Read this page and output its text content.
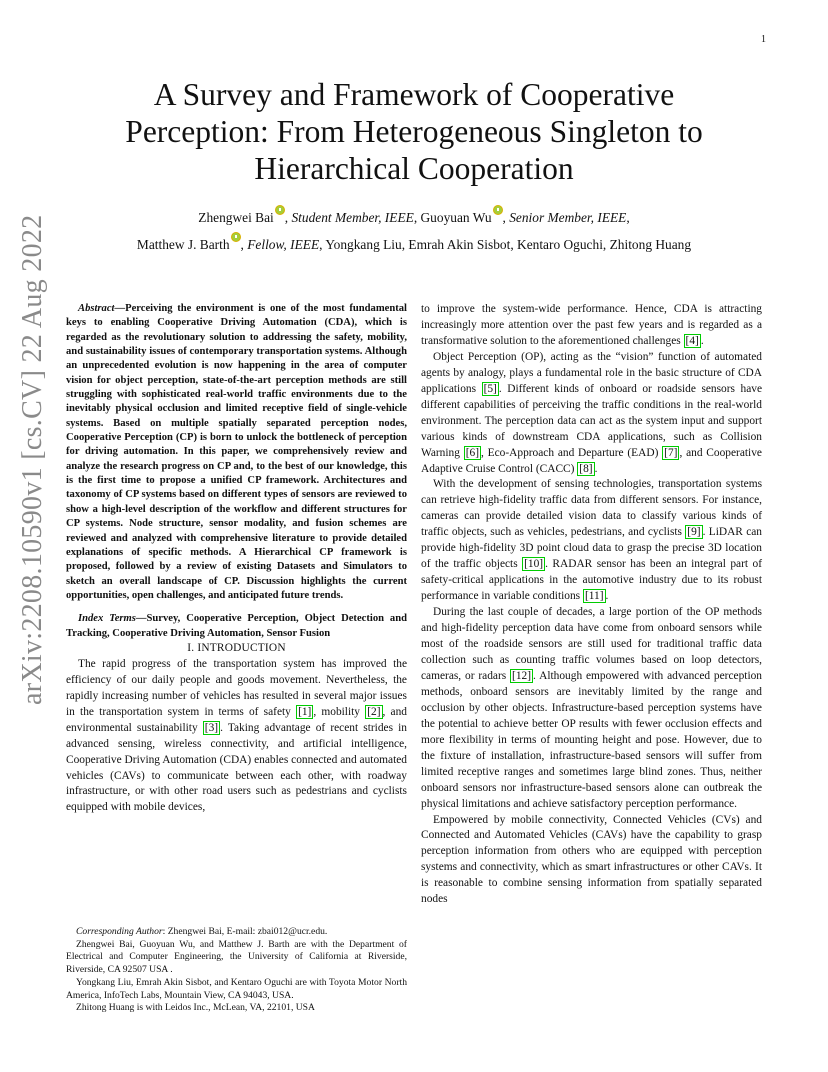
1
arXiv:2208.10590v1 [cs.CV] 22 Aug 2022
A Survey and Framework of Cooperative Perception: From Heterogeneous Singleton to Hierarchical Cooperation
Zhengwei Bai , Student Member, IEEE, Guoyuan Wu , Senior Member, IEEE,
Matthew J. Barth , Fellow, IEEE, Yongkang Liu, Emrah Akin Sisbot, Kentaro Oguchi, Zhitong Huang

Abstract—Perceiving the environment is one of the most fundamental keys to enabling Cooperative Driving Automation (CDA), which is regarded as the revolutionary solution to addressing the safety, mobility, and sustainability issues of contemporary transportation systems. Although an unprecedented evolution is now happening in the area of computer vision for object perception, state-of-the-art perception methods are still struggling with sophisticated real-world traffic environments due to the inevitably physical occlusion and limited receptive field of single-vehicle systems. Based on multiple spatially separated perception nodes, Cooperative Perception (CP) is born to unlock the bottleneck of perception for driving automation. In this paper, we comprehensively review and analyze the research progress on CP and, to the best of our knowledge, this is the first time to propose a unified CP framework. Architectures and taxonomy of CP systems based on different types of sensors are reviewed to show a high-level description of the workflow and different structures for CP systems. Node structure, sensor modality, and fusion schemes are reviewed and analyzed with comprehensive literature to provide detailed explanations of specific methods. A Hierarchical CP framework is proposed, followed by a review of existing Datasets and Simulators to sketch an overall landscape of CP. Discussion highlights the current opportunities, open challenges, and anticipated future trends.

Index Terms—Survey, Cooperative Perception, Object Detection and Tracking, Cooperative Driving Automation, Sensor Fusion

I. INTRODUCTION

The rapid progress of the transportation system has improved the efficiency of our daily people and goods movement. Nevertheless, the rapidly increasing number of vehicles has resulted in several major issues in the transportation system in terms of safety [1] , mobility [2] , and environmental sustainability [3] . Taking advantage of recent strides in advanced sensing, wireless connectivity, and artificial intelligence, Cooperative Driving Automation (CDA) enables connected and automated vehicles (CAVs) to communicate between each other, with roadway infrastructure, or with other road users such as pedestrians and cyclists equipped with mobile devices,

Corresponding Author: Zhengwei Bai, E-mail: zbai012@ucr.edu.

Zhengwei Bai, Guoyuan Wu, and Matthew J. Barth are with the Department of Electrical and Computer Engineering, the University of California at Riverside, Riverside, CA 92507 USA .

Yongkang Liu, Emrah Akin Sisbot, and Kentaro Oguchi are with Toyota Motor North America, InfoTech Labs, Mountain View, CA 94043, USA.

Zhitong Huang is with Leidos Inc., McLean, VA, 22101, USA

to improve the system-wide performance. Hence, CDA is attracting increasingly more attention over the past few years and is regarded as a transformative solution to the aforementioned challenges [4] .

Object Perception (OP), acting as the “vision” function of automated agents by analogy, plays a fundamental role in the basic structure of CDA applications [5] . Different kinds of onboard or roadside sensors have different capabilities of perceiving the traffic conditions in the real-world environment. The perception data can act as the system input and support various kinds of downstream CDA applications, such as Collision Warning [6] , Eco-Approach and Departure (EAD) [7] , and Cooperative Adaptive Cruise Control (CACC) [8] .

With the development of sensing technologies, transportation systems can retrieve high-fidelity traffic data from different sensors. For instance, cameras can provide detailed vision data to classify various kinds of traffic objects, such as vehicles, pedestrians, and cyclists [9] . LiDAR can provide high-fidelity 3D point cloud data to grasp the precise 3D location of the traffic objects [10] . RADAR sensor has been an integral part of safety-critical applications in the automotive industry due to its robust performance in variable conditions [11] .

During the last couple of decades, a large portion of the OP methods and high-fidelity perception data have come from onboard sensors while most of the roadside sensors are still used for traditional traffic data collection such as counting traffic volumes based on loop detectors, cameras, or radars [12] . Although empowered with advanced perception methods, onboard sensors are inevitably limited by the range and occlusion by other objects. Infrastructure-based perception systems have the potential to achieve better OP results with fewer occlusion effects and more flexibility in terms of mounting height and pose. However, due to the fixture of installation, infrastructure-based sensors will suffer from limited receptive ranges and sometimes large blind zones. Thus, neither onboard sensors nor infrastructure-based sensors alone can outbreak the physical limitations and achieve satisfactory perception performance.

Empowered by mobile connectivity, Connected Vehicles (CVs) and Connected and Automated Vehicles (CAVs) have the capability to grasp perception information from others who are equipped with perception systems and connectivity, which as smart infrastructures or other CAVs. It is reasonable to combine sensing information from spatially separated nodes
